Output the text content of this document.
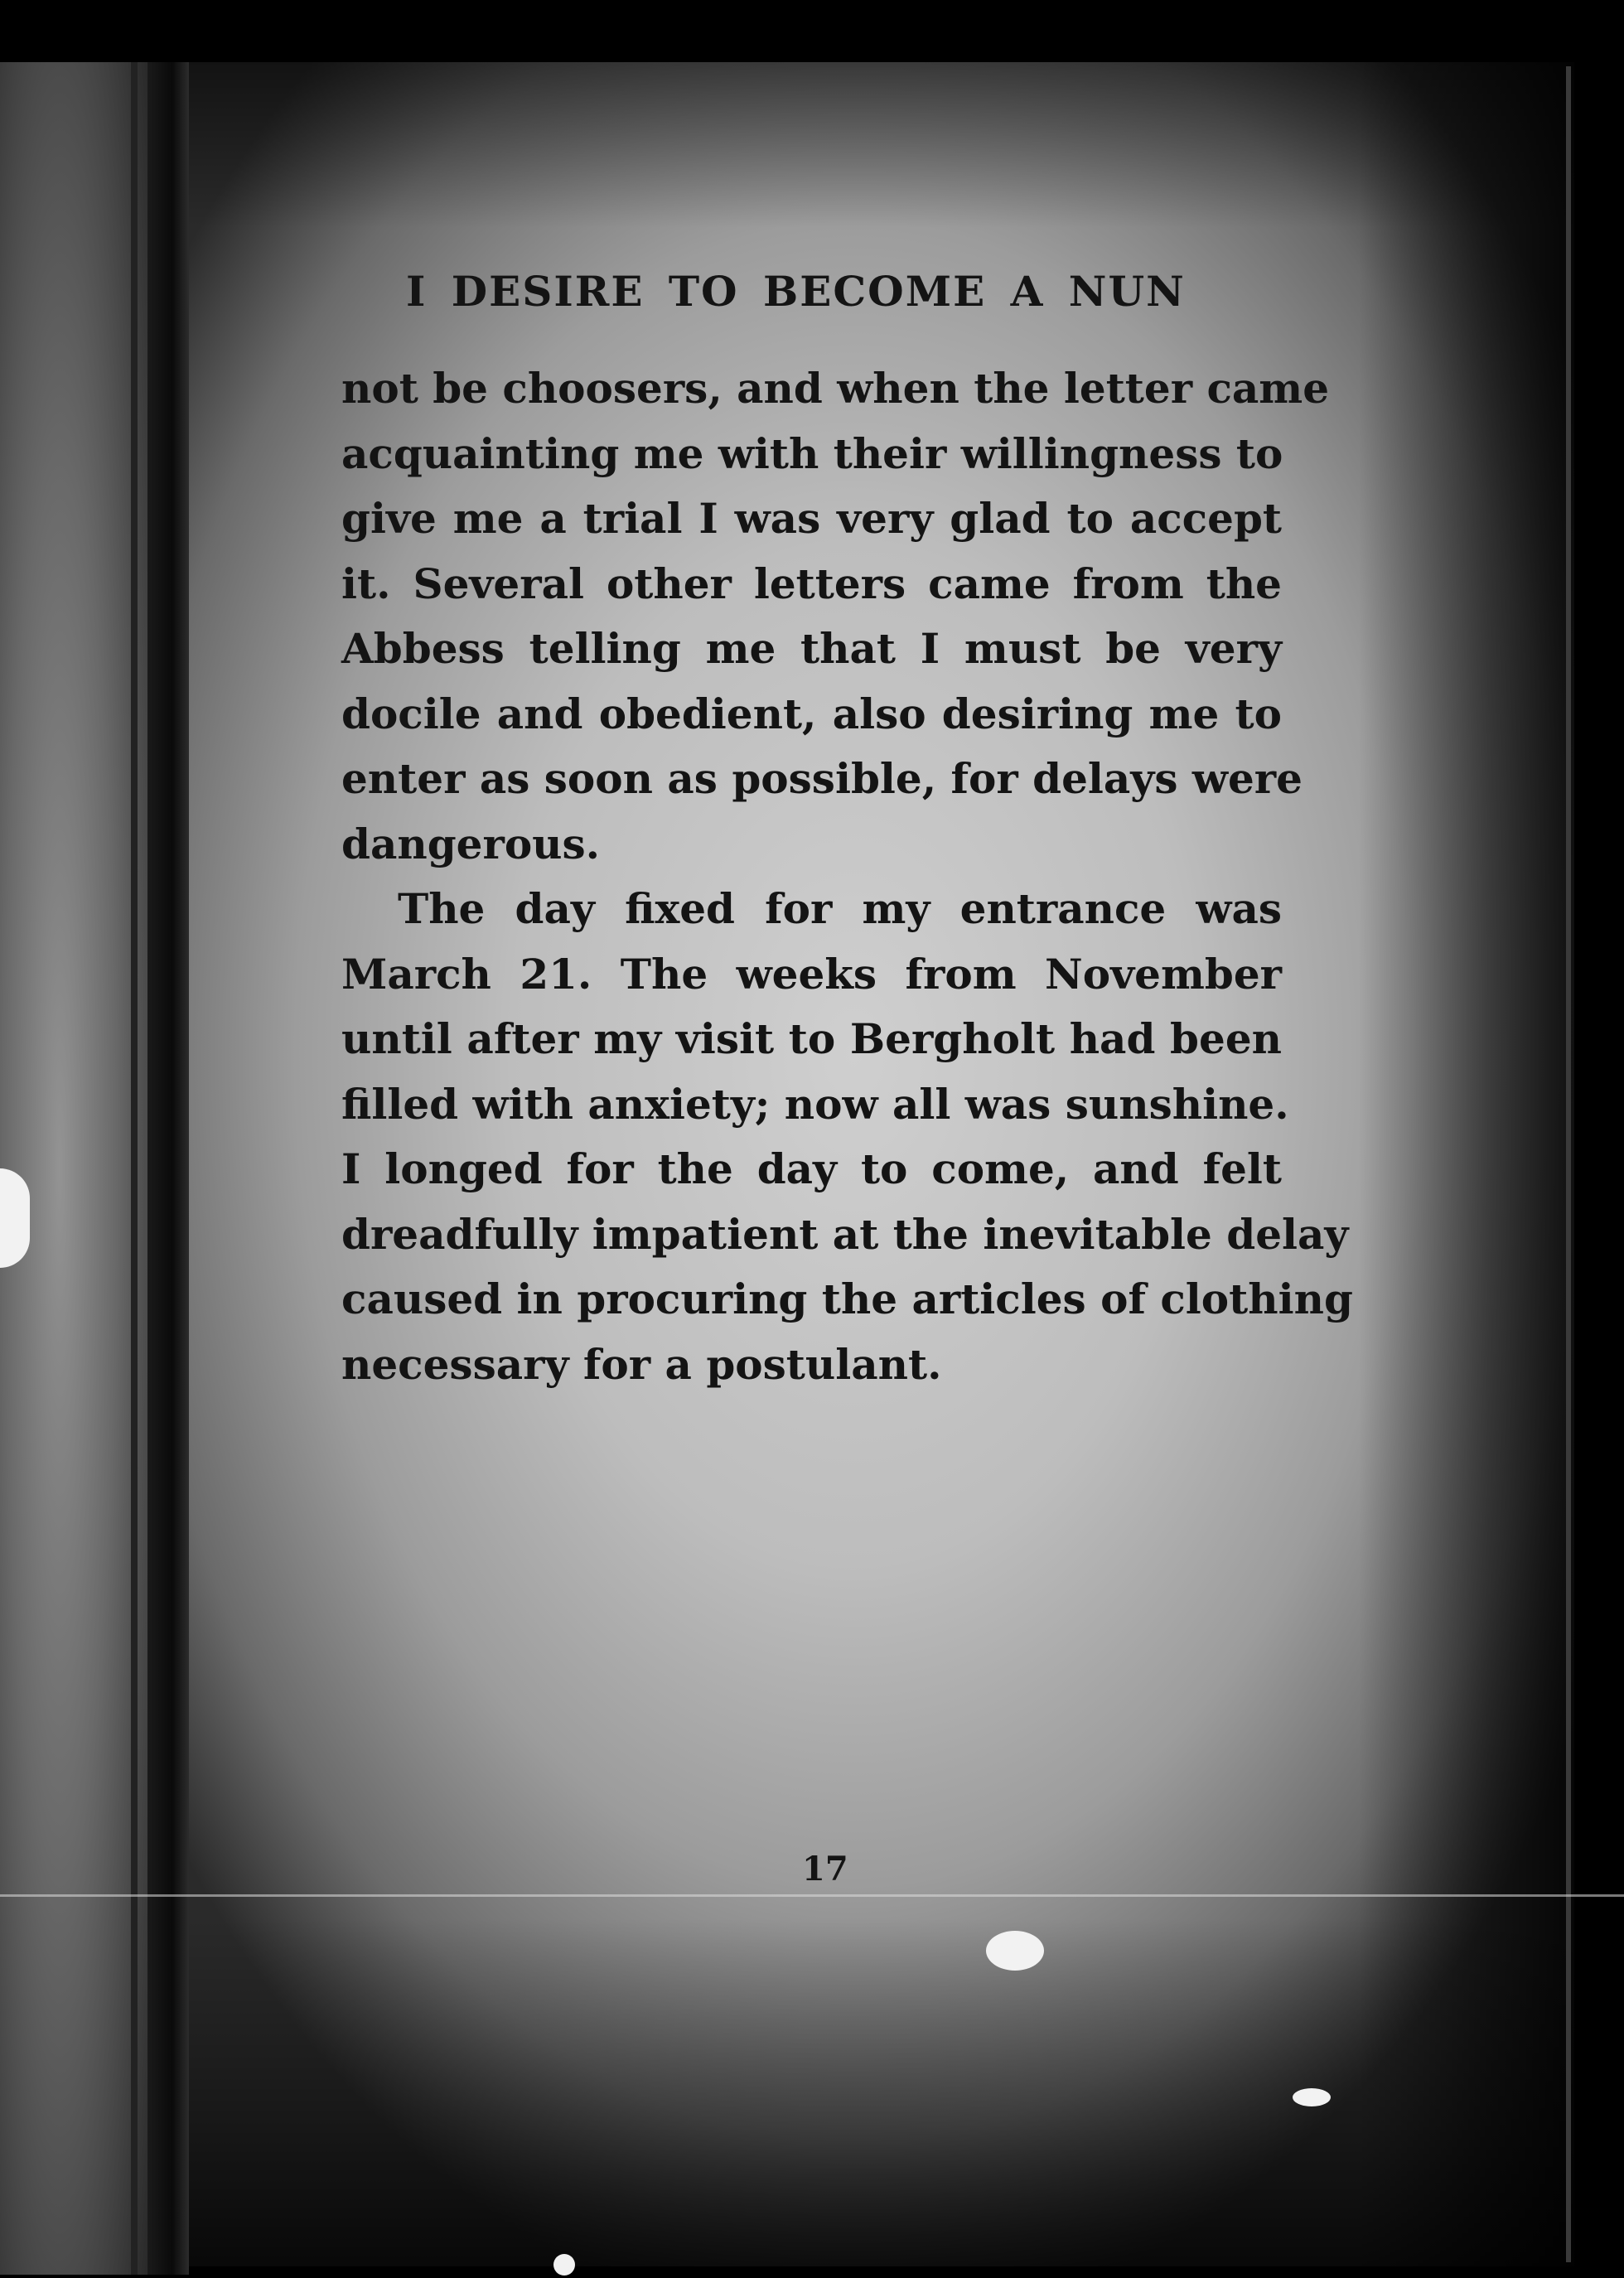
I DESIRE TO BECOME A NUN

not be choosers, and when the letter came
acquainting me with their willingness to
give me a trial I was very glad to accept
it. Several other letters came from the
Abbess telling me that I must be very
docile and obedient, also desiring me to
enter as soon as possible, for delays were
dangerous.

The day fixed for my entrance was
March 21. The weeks from November
until after my visit to Bergholt had been
filled with anxiety; now all was sunshine.
I longed for the day to come, and felt
dreadfully impatient at the inevitable delay
caused in procuring the articles of clothing
necessary for a postulant.

17
